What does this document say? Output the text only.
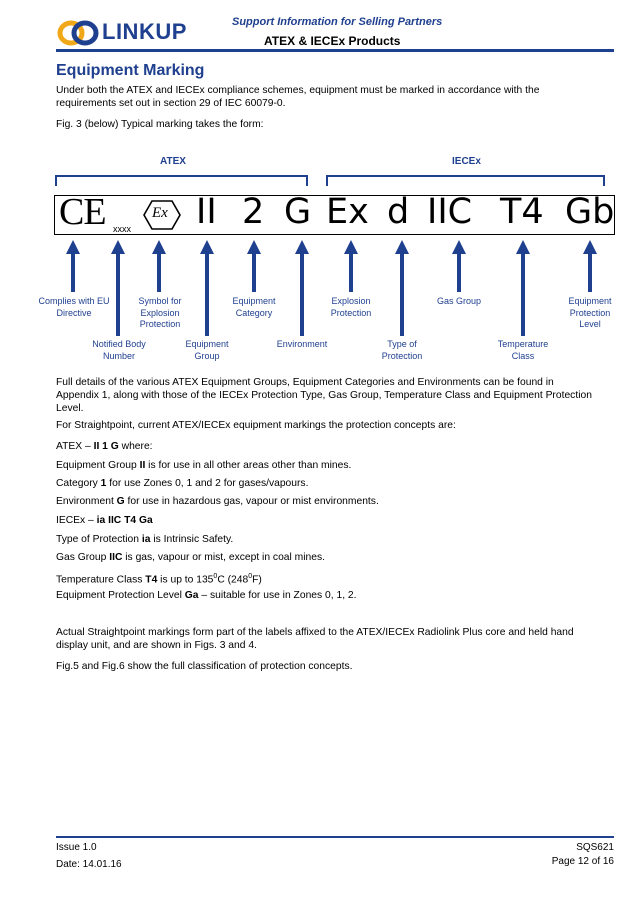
LINKUP	Support Information for Selling Partners
ATEX & IECEx Products
Equipment Marking
Under both the ATEX and IECEx compliance schemes, equipment must be marked in accordance with the requirements set out in section 29 of IEC 60079-0.
Fig. 3 (below) Typical marking takes the form:
ATEX	IECEx
CE xxxx
Ex II 2 G Ex d IIC T4 Gb
Complies with EU Directive
Notified Body Number
Symbol for Explosion Protection
Equipment Group
Equipment Category
Environment
Explosion Protection
Type of Protection
Gas Group
Temperature Class
Equipment Protection Level
Full details of the various ATEX Equipment Groups, Equipment Categories and Environments can be found in Appendix 1, along with those of the IECEx Protection Type, Gas Group, Temperature Class and Equipment Protection Level.
For Straightpoint, current ATEX/IECEx equipment markings the protection concepts are:
ATEX – II 1 G where:
Equipment Group II is for use in all other areas other than mines.
Category 1 for use Zones 0, 1 and 2 for gases/vapours.
Environment G for use in hazardous gas, vapour or mist environments.
IECEx – ia IIC T4 Ga
Type of Protection ia is Intrinsic Safety.
Gas Group IIC is gas, vapour or mist, except in coal mines.
Temperature Class T4 is up to $135^0C$ $(248^0F)$
Equipment Protection Level Ga – suitable for use in Zones 0, 1, 2.
Actual Straightpoint markings form part of the labels affixed to the ATEX/IECEx Radiolink Plus core and held hand display unit, and are shown in Figs. 3 and 4.
Fig.5 and Fig.6 show the full classification of protection concepts.
Issue 1.0
Date: 14.01.16
SQS621
Page 12 of 16
